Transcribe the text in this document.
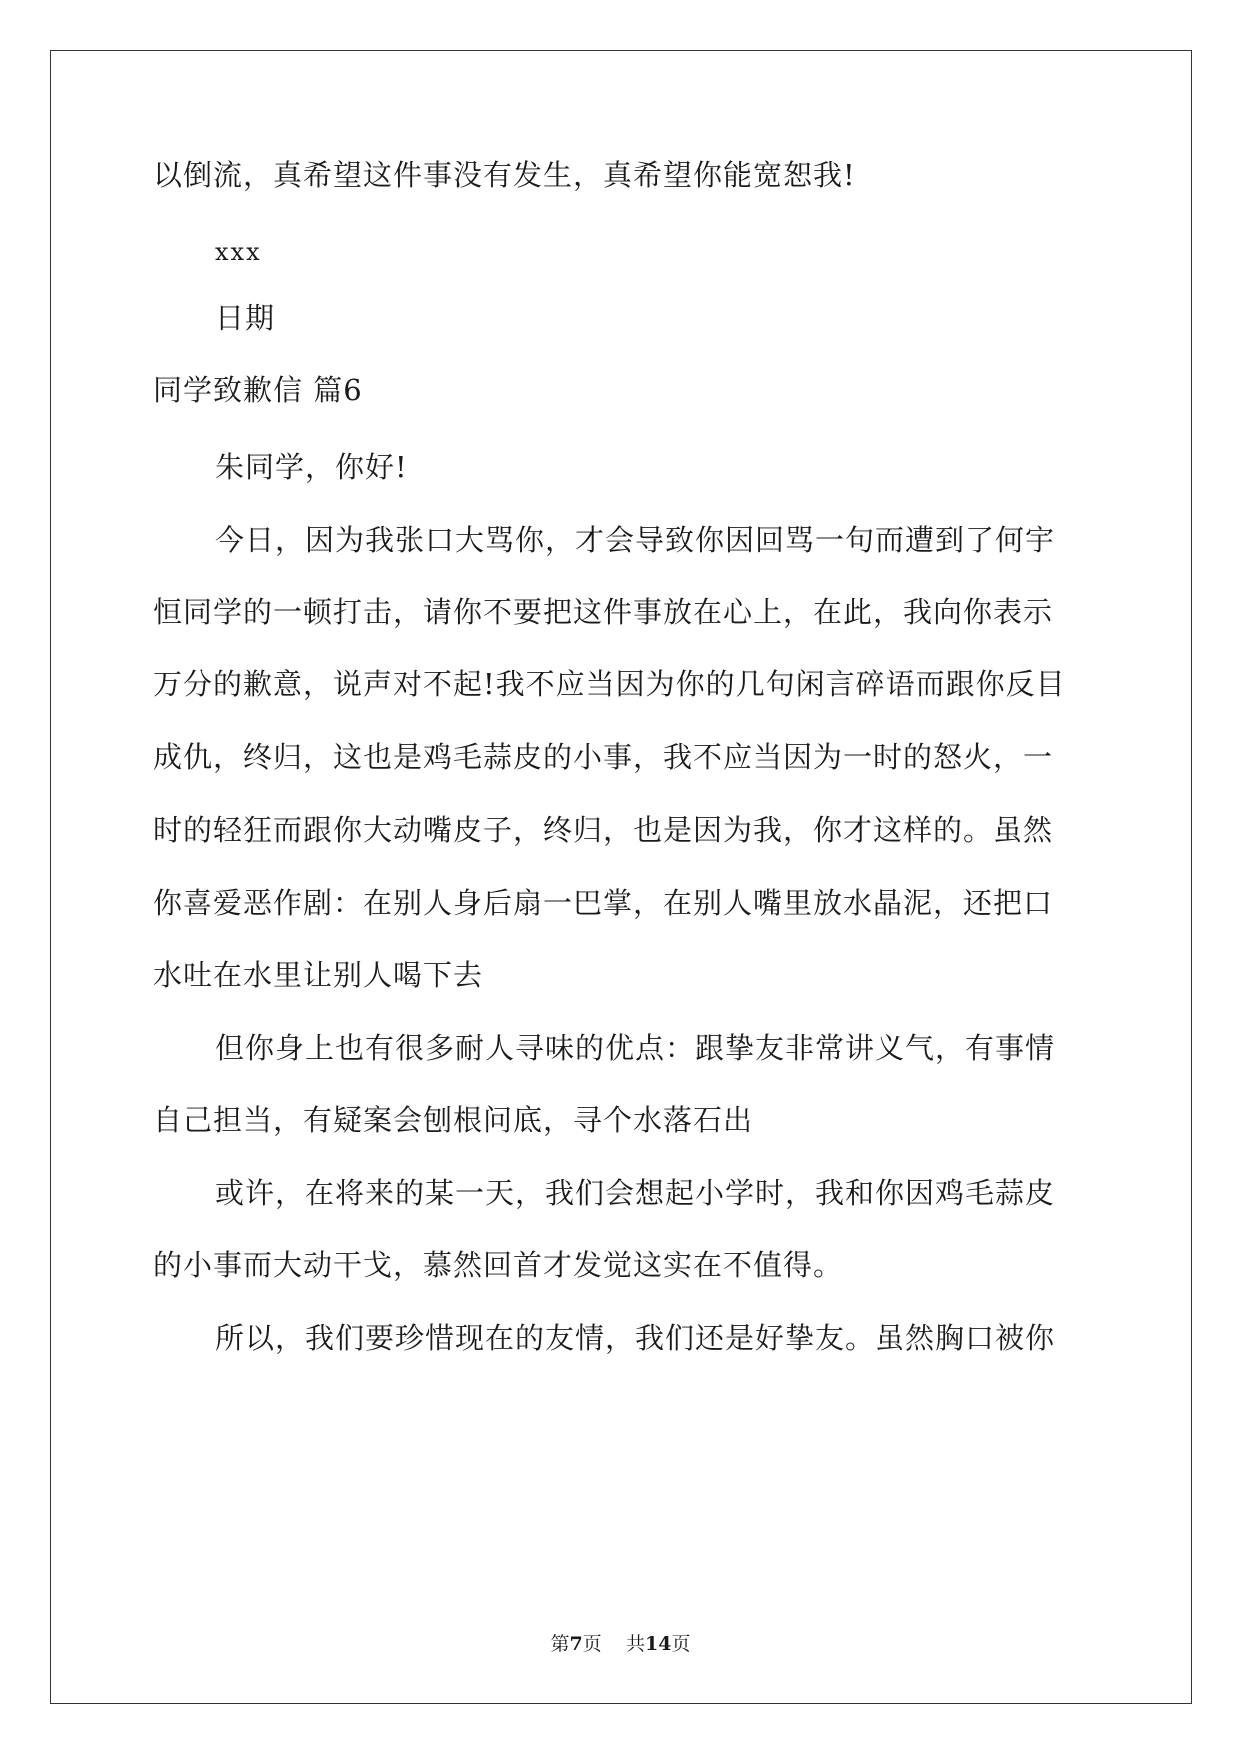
以倒流，真希望这件事没有发生，真希望你能宽恕我!
xxx
日期
同学致歉信 篇6
朱同学，你好!
今日，因为我张口大骂你，才会导致你因回骂一句而遭到了何宇
恒同学的一顿打击，请你不要把这件事放在心上，在此，我向你表示
万分的歉意，说声对不起!我不应当因为你的几句闲言碎语而跟你反目
成仇，终归，这也是鸡毛蒜皮的小事，我不应当因为一时的怒火，一
时的轻狂而跟你大动嘴皮子，终归，也是因为我，你才这样的。虽然
你喜爱恶作剧：在别人身后扇一巴掌，在别人嘴里放水晶泥，还把口
水吐在水里让别人喝下去
但你身上也有很多耐人寻味的优点：跟挚友非常讲义气，有事情
自己担当，有疑案会刨根问底，寻个水落石出
或许，在将来的某一天，我们会想起小学时，我和你因鸡毛蒜皮
的小事而大动干戈，慕然回首才发觉这实在不值得。
所以，我们要珍惜现在的友情，我们还是好挚友。虽然胸口被你
第7页 共14页
